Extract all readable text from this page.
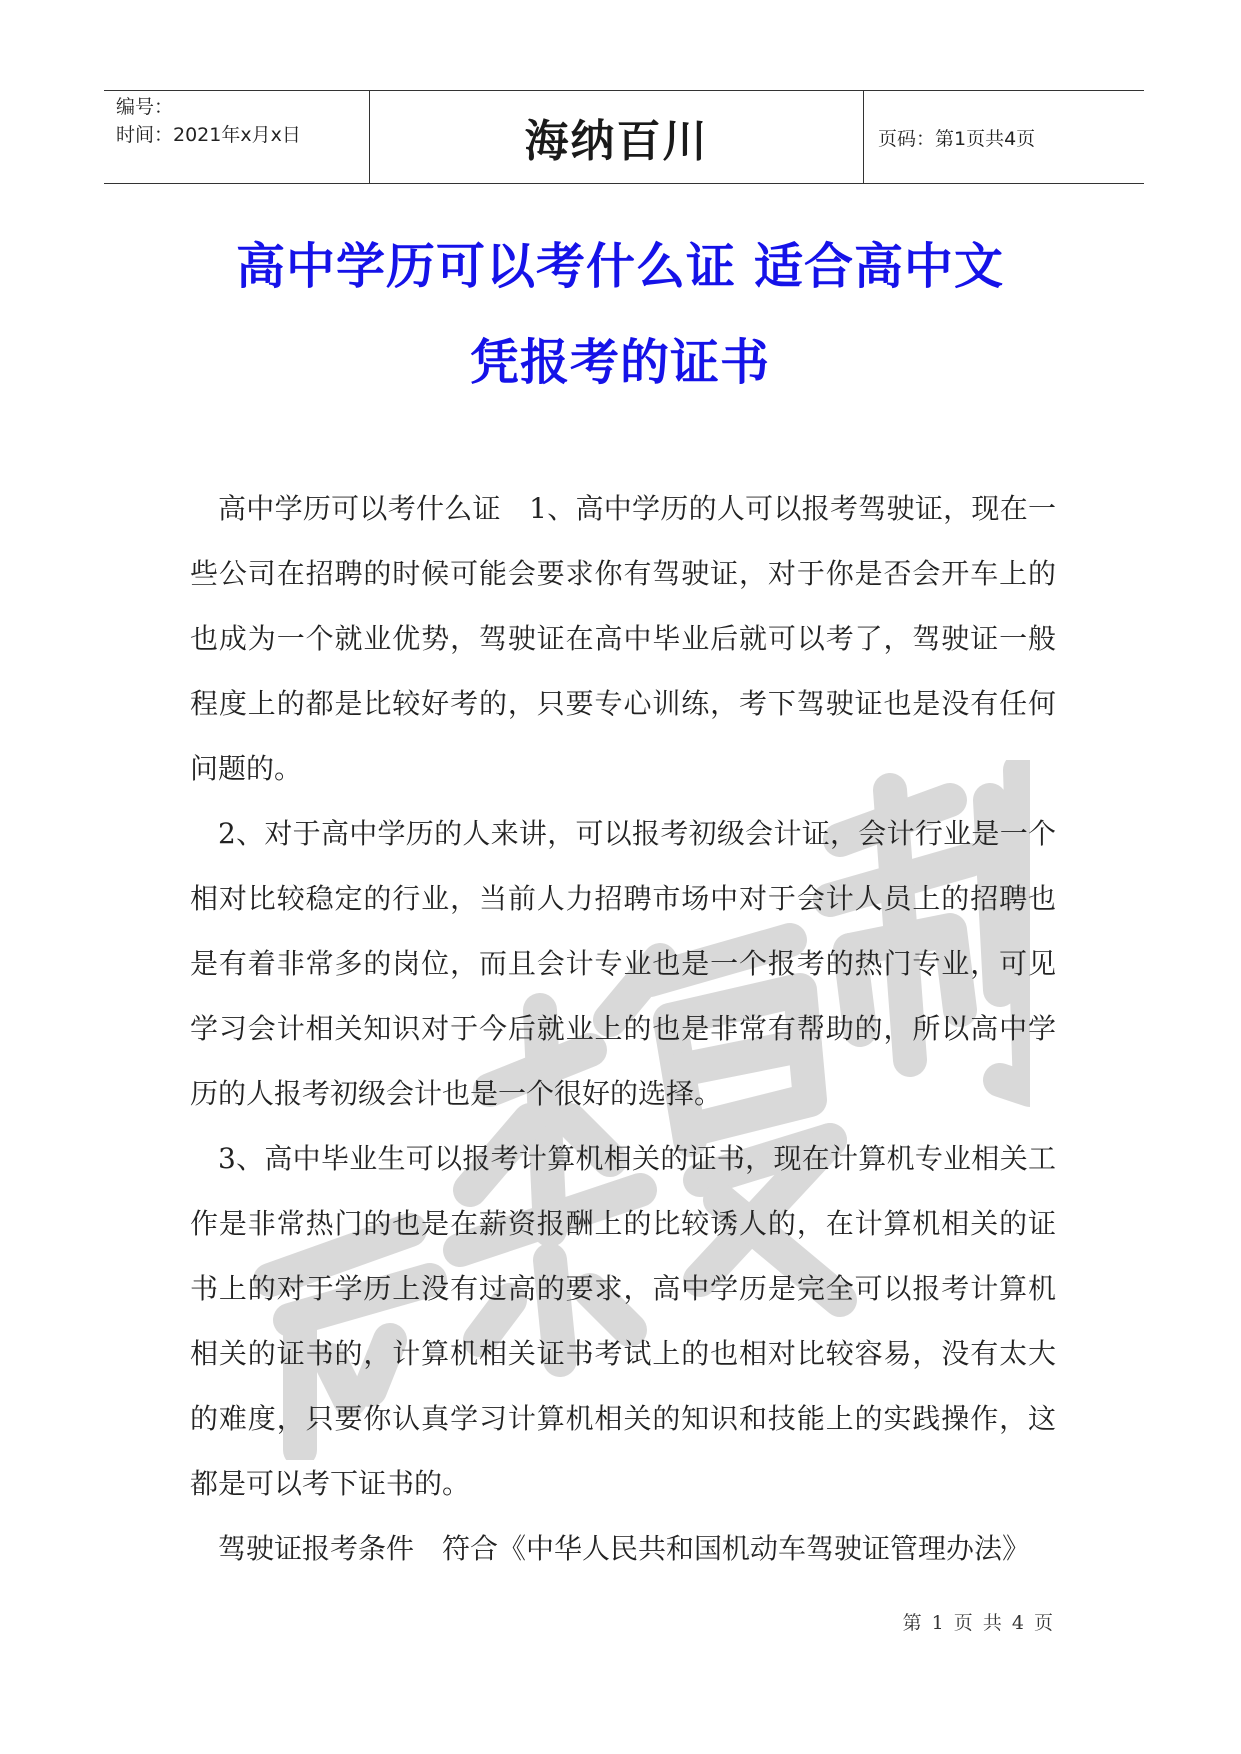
编号：
时间：2021年x月x日	海纳百川	页码：第1页共4页
高中学历可以考什么证 适合高中文
凭报考的证书

高中学历可以考什么证　1、高中学历的人可以报考驾驶证，现在一些公司在招聘的时候可能会要求你有驾驶证，对于你是否会开车上的也成为一个就业优势，驾驶证在高中毕业后就可以考了，驾驶证一般程度上的都是比较好考的，只要专心训练，考下驾驶证也是没有任何问题的。

2、对于高中学历的人来讲，可以报考初级会计证，会计行业是一个相对比较稳定的行业，当前人力招聘市场中对于会计人员上的招聘也是有着非常多的岗位，而且会计专业也是一个报考的热门专业，可见学习会计相关知识对于今后就业上的也是非常有帮助的，所以高中学历的人报考初级会计也是一个很好的选择。

3、高中毕业生可以报考计算机相关的证书，现在计算机专业相关工作是非常热门的也是在薪资报酬上的比较诱人的，在计算机相关的证书上的对于学历上没有过高的要求，高中学历是完全可以报考计算机相关的证书的，计算机相关证书考试上的也相对比较容易，没有太大的难度，只要你认真学习计算机相关的知识和技能上的实践操作，这都是可以考下证书的。

驾驶证报考条件　符合《中华人民共和国机动车驾驶证管理办法》

第 1 页 共 4 页
